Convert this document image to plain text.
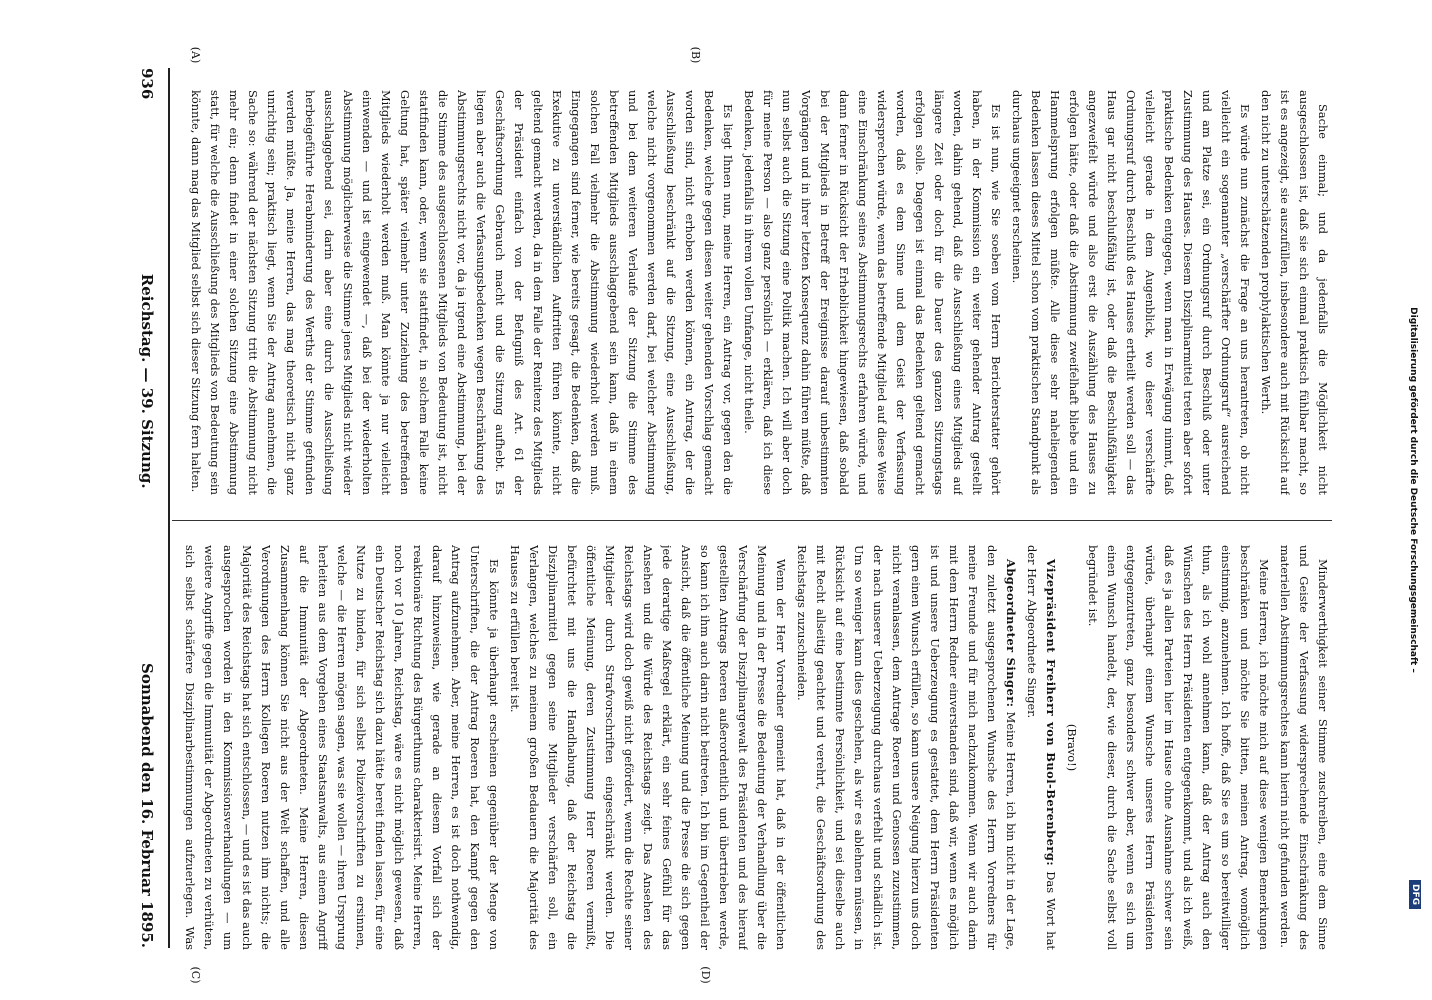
936
Reichstag. — 39. Sitzung.
Sonnabend den 16. Februar 1895.
(A)	(B)
(C)	(D)

Sache einmal; und da jedenfalls die Möglichkeit nicht ausgeschlossen ist, daß sie sich einmal praktisch fühlbar macht, so ist es angezeigt, sie auszufüllen, insbesondere auch mit Rücksicht auf den nicht zu unterschätzenden prophylaktischen Werth.

Es würde nun zunächst die Frage an uns herantreten, ob nicht vielleicht ein sogenannter „verschärfter Ordnungsruf“ ausreichend und am Platze sei, ein Ordnungsruf durch Beschluß oder unter Zustimmung des Hauses. Diesem Disziplinarmittel treten aber sofort praktische Bedenken entgegen, wenn man in Erwägung nimmt, daß vielleicht gerade in dem Augenblick, wo dieser verschärfte Ordnungsruf durch Beschluß des Hauses ertheilt werden soll — das Haus gar nicht beschlußfähig ist, oder daß die Beschlußfähigkeit angezweifelt würde und also erst die Auszählung des Hauses zu erfolgen hätte, oder daß die Abstimmung zweifelhaft bliebe und ein Hammelsprung erfolgen müßte. Alle diese sehr naheliegenden Bedenken lassen dieses Mittel schon vom praktischen Standpunkt als durchaus ungeeignet erscheinen.

Es ist nun, wie Sie soeben vom Herrn Berichterstatter gehört haben, in der Kommission ein weiter gehender Antrag gestellt worden, dahin gehend, daß die Ausschließung eines Mitglieds auf längere Zeit oder doch für die Dauer des ganzen Sitzungstags erfolgen solle. Dagegen ist einmal das Bedenken geltend gemacht worden, daß es dem Sinne und dem Geist der Verfassung widersprechen würde, wenn das betreffende Mitglied auf diese Weise eine Einschränkung seines Abstimmungsrechts erfahren würde, und dann ferner in Rücksicht der Erheblichkeit hingewiesen, daß sobald bei der Mitglieds in Betreff der Ereignisse darauf unbestimmten Vorgängen und in ihrer letzten Konsequenz dahin führen müßte, daß nun selbst auch die Sitzung eine Politik machen. Ich will aber doch für meine Person — also ganz persönlich — erklären, daß ich diese Bedenken, jedenfalls in ihrem vollen Umfange, nicht theile.

Es liegt Ihnen nun, meine Herren, ein Antrag vor, gegen den die Bedenken, welche gegen diesen weiter gehenden Vorschlag gemacht worden sind, nicht erhoben werden können, ein Antrag, der die Ausschließung beschränkt auf die Sitzung, eine Ausschließung, welche nicht vorgenommen werden darf, bei welcher Abstimmung und bei dem weiteren Verlaufe der Sitzung die Stimme des betreffenden Mitglieds ausschlaggebend sein kann, daß in einem solchen Fall vielmehr die Abstimmung wiederholt werden muß. Eingegangen sind ferner, wie bereits gesagt, die Bedenken, daß die Exekutive zu unverständlichen Auftritten führen könnte, nicht geltend gemacht werden, da in dem Falle der Renitenz des Mitglieds der Präsident einfach von der Befugniß des Art. 61 der Geschäftsordnung Gebrauch macht und die Sitzung aufhebt. Es liegen aber auch die Verfassungsbedenken wegen Beschränkung des Abstimmungsrechts nicht vor, da ja irgend eine Abstimmung, bei der die Stimme des ausgeschlossenen Mitglieds von Bedeutung ist, nicht stattfinden kann, oder, wenn sie stattfindet, in solchem Falle keine Geltung hat, später vielmehr unter Zuziehung des betreffenden Mitglieds wiederholt werden muß. Man könnte ja nur vielleicht einwenden — und ist eingewendet —, daß bei der wiederholten Abstimmung möglicherweise die Stimme jenes Mitglieds nicht wieder ausschlaggebend sei, darin aber eine durch die Ausschließung herbeigeführte Herabminderung des Werths der Stimme gefunden werden müßte. Ja, meine Herren, das mag theoretisch nicht ganz unrichtig sein; praktisch liegt, wenn Sie der Antrag annehmen, die Sache so: während der nächsten Sitzung tritt die Abstimmung nicht mehr ein; denn findet in einer solchen Sitzung eine Abstimmung statt, für welche die Ausschließung des Mitglieds von Bedeutung sein könnte, dann mag das Mitglied selbst sich dieser Sitzung fern halten.

Minderwerthigkeit seiner Stimme zuschreiben, eine dem Sinne und Geiste der Verfassung widersprechende Einschränkung des materiellen Abstimmungsrechtes kann hierin nicht gefunden werden.

Meine Herren, ich möchte mich auf diese wenigen Bemerkungen beschränken und möchte Sie bitten, meinen Antrag, womöglich einstimmig, anzunehmen. Ich hoffe, daß Sie es um so bereitwilliger thun, als ich wohl annehmen kann, daß der Antrag auch den Wünschen des Herrn Präsidenten entgegenkommt, und als ich weiß, daß es ja allen Parteien hier im Hause ohne Ausnahme schwer sein würde, überhaupt einem Wunsche unseres Herrn Präsidenten entgegenzutreten, ganz besonders schwer aber, wenn es sich um einen Wunsch handelt, der, wie dieser, durch die Sache selbst voll begründet ist.

(Bravo!)

Vizepräsident Freiherr von Buol-Berenberg: Das Wort hat der Herr Abgeordnete Singer.

Abgeordneter Singer: Meine Herren, ich bin nicht in der Lage, den zuletzt ausgesprochenen Wunsche des Herrn Vorredners für meine Freunde und für mich nachzukommen. Wenn wir auch darin mit dem Herrn Redner einverstanden sind, daß wir, wenn es möglich ist und unsere Ueberzeugung es gestattet, dem Herrn Präsidenten gern einen Wunsch erfüllen, so kann unsere Neigung hierzu uns doch nicht veranlassen, dem Antrage Roeren und Genossen zuzustimmen, der nach unserer Ueberzeugung durchaus verfehlt und schädlich ist. Um so weniger kann dies geschehen, als wir es ablehnen müssen, in Rücksicht auf eine bestimmte Persönlichkeit, und sei dieselbe auch mit Recht allseitig geachtet und verehrt, die Geschäftsordnung des Reichstags zuzuschneiden.

Wenn der Herr Vorredner gemeint hat, daß in der öffentlichen Meinung und in der Presse die Bedeutung der Verhandlung über die Verschärfung der Disziplinargewalt des Präsidenten und des hierauf gestellten Antrags Roeren außerordentlich und übertrieben werde, so kann ich ihm auch darin nicht beitreten. Ich bin im Gegentheil der Ansicht, daß die öffentliche Meinung und die Presse die sich gegen jede derartige Maßregel erklärt, ein sehr feines Gefühl für das Ansehen und die Würde des Reichstags zeigt. Das Ansehen des Reichstags wird doch gewiß nicht gefördert, wenn die Rechte seiner Mitglieder durch Strafvorschriften eingeschränkt werden. Die öffentliche Meinung, deren Zustimmung Herr Roeren vermißt, befürchtet mit uns die Handhabung, daß der Reichstag die Disziplinarmittel gegen seine Mitglieder verschärfen soll, ein Verlangen, welches zu meinem großen Bedauern die Majorität des Hauses zu erfüllen bereit ist.

Es könnte ja überhaupt erscheinen gegenüber der Menge von Unterschriften, die der Antrag Roeren hat, den Kampf gegen den Antrag aufzunehmen. Aber, meine Herren, es ist doch nothwendig, darauf hinzuweisen, wie gerade an diesem Vorfall sich der reaktionäre Richtung des Bürgerthums charakterisirt. Meine Herren, noch vor 10 Jahren, Reichstag, wäre es nicht möglich gewesen, daß ein Deutscher Reichstag sich dazu hätte bereit finden lassen, für eine Nutze zu binden, für sich selbst Polizeivorschriften zu ersinnen, welche — die Herren mögen sagen, was sie wollen — ihren Ursprung herleiten aus dem Vorgehen eines Staatsanwalts, aus einem Angriff auf die Immunität der Abgeordneten. Meine Herren, diesen Zusammenhang können Sie nicht aus der Welt schaffen, und alle Verordnungen des Herrn Kollegen Roeren nutzen ihm nichts; die Majorität des Reichstags hat sich entschlossen, — und es ist das auch ausgesprochen worden in den Kommissionsverhandlungen — um weitere Angriffe gegen die Immunität der Abgeordneten zu verhüten, sich selbst schärfere Disziplinarbestimmungen aufzuerlegen. Was

Digitalisierung gefördert durch die Deutsche Forschungsgemeinschaft –
DFG
